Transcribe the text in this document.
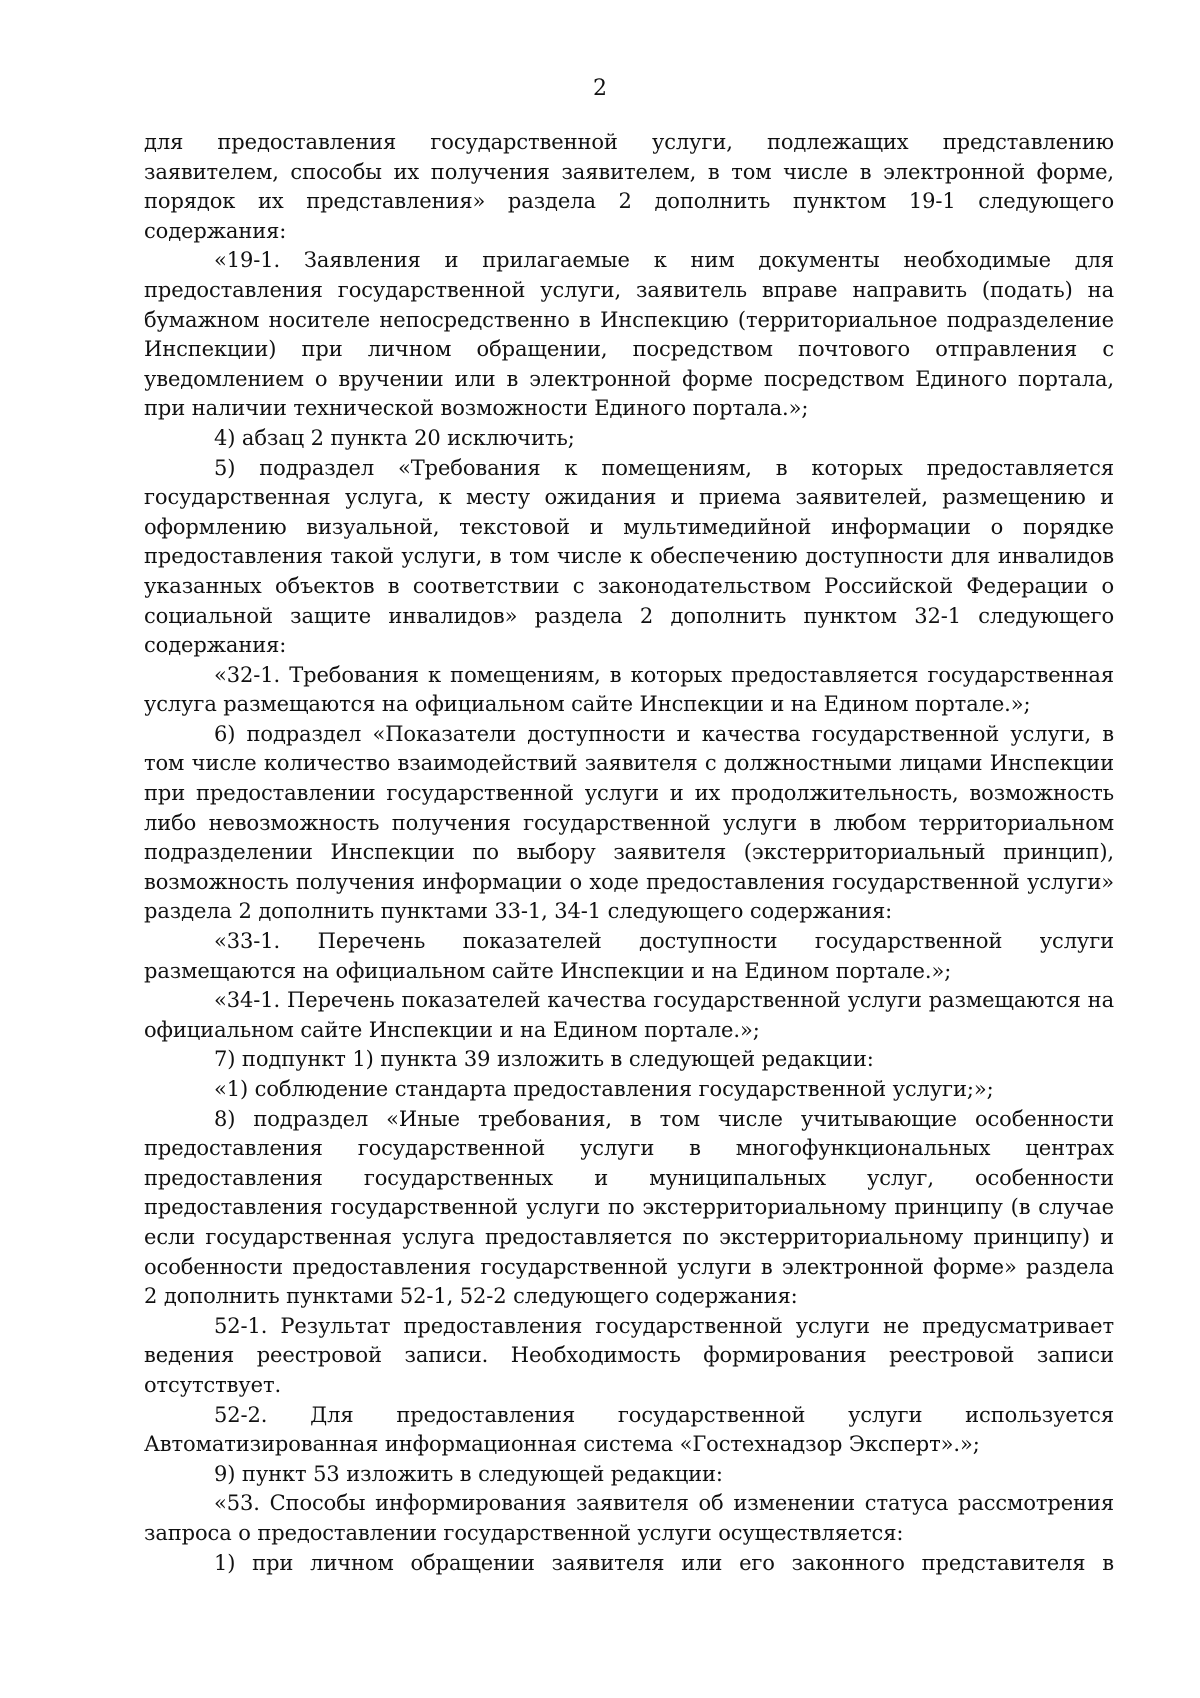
2

для предоставления государственной услуги, подлежащих представлению заявителем, способы их получения заявителем, в том числе в электронной форме, порядок их представления» раздела 2 дополнить пунктом 19-1 следующего содержания:

«19-1. Заявления и прилагаемые к ним документы необходимые для предоставления государственной услуги, заявитель вправе направить (подать) на бумажном носителе непосредственно в Инспекцию (территориальное подразделение Инспекции) при личном обращении, посредством почтового отправления с уведомлением о вручении или в электронной форме посредством Единого портала, при наличии технической возможности Единого портала.»;

4) абзац 2 пункта 20 исключить;

5) подраздел «Требования к помещениям, в которых предоставляется государственная услуга, к месту ожидания и приема заявителей, размещению и оформлению визуальной, текстовой и мультимедийной информации о порядке предоставления такой услуги, в том числе к обеспечению доступности для инвалидов указанных объектов в соответствии с законодательством Российской Федерации о социальной защите инвалидов» раздела 2 дополнить пунктом 32-1 следующего содержания:

«32-1. Требования к помещениям, в которых предоставляется государственная услуга размещаются на официальном сайте Инспекции и на Едином портале.»;

6) подраздел «Показатели доступности и качества государственной услуги, в том числе количество взаимодействий заявителя с должностными лицами Инспекции при предоставлении государственной услуги и их продолжительность, возможность либо невозможность получения государственной услуги в любом территориальном подразделении Инспекции по выбору заявителя (экстерриториальный принцип), возможность получения информации о ходе предоставления государственной услуги» раздела 2 дополнить пунктами 33-1, 34-1 следующего содержания:

«33-1. Перечень показателей доступности государственной услуги размещаются на официальном сайте Инспекции и на Едином портале.»;

«34-1. Перечень показателей качества государственной услуги размещаются на официальном сайте Инспекции и на Едином портале.»;

7) подпункт 1) пункта 39 изложить в следующей редакции:

«1) соблюдение стандарта предоставления государственной услуги;»;

8) подраздел «Иные требования, в том числе учитывающие особенности предоставления государственной услуги в многофункциональных центрах предоставления государственных и муниципальных услуг, особенности предоставления государственной услуги по экстерриториальному принципу (в случае если государственная услуга предоставляется по экстерриториальному принципу) и особенности предоставления государственной услуги в электронной форме» раздела 2 дополнить пунктами 52-1, 52-2 следующего содержания:

52-1. Результат предоставления государственной услуги не предусматривает ведения реестровой записи. Необходимость формирования реестровой записи отсутствует.

52-2. Для предоставления государственной услуги используется Автоматизированная информационная система «Гостехнадзор Эксперт».»;

9) пункт 53 изложить в следующей редакции:

«53. Способы информирования заявителя об изменении статуса рассмотрения запроса о предоставлении государственной услуги осуществляется:

1) при личном обращении заявителя или его законного представителя в
